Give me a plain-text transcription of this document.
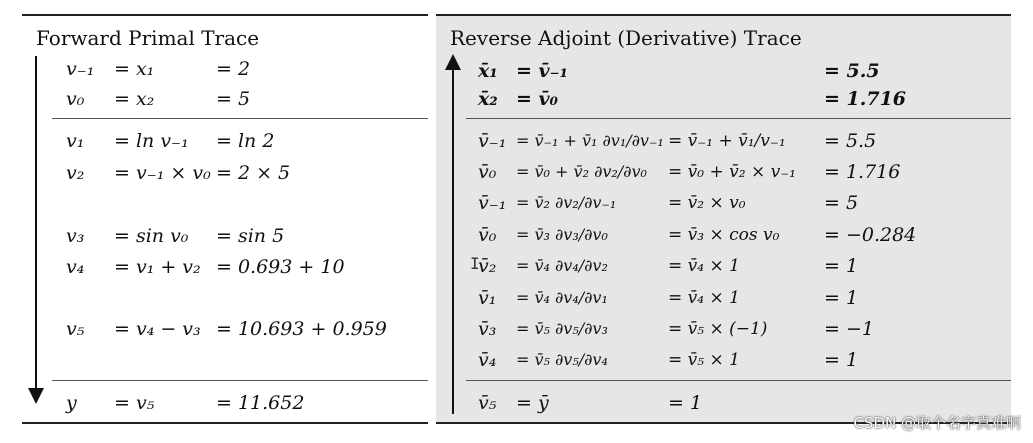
Forward Primal Trace
v₋₁ = x₁	= 2
v₀ = x₂	= 5
v₁ = ln v₋₁ = ln 2
v₂ = v₋₁ × v₀ = 2 × 5
v₃ = sin v₀ = sin 5
v₄ = v₁ + v₂ = 0.693 + 10
v₅ = v₄ − v₃ = 10.693 + 0.959
y = v₅	= 11.652
Reverse Adjoint (Derivative) Trace
x̄₁ = v̄₋₁	= 5.5
x̄₂ = v̄₀	= 1.716
v̄₋₁ = v̄₋₁ + v̄₁ ∂v₁/∂v₋₁ = v̄₋₁ + v̄₁/v₋₁ = 5.5
v̄₀ = v̄₀ + v̄₂ ∂v₂/∂v₀ = v̄₀ + v̄₂ × v₋₁ = 1.716
v̄₋₁ = v̄₂ ∂v₂/∂v₋₁	= v̄₂ × v₀	= 5
v̄₀ = v̄₃ ∂v₃/∂v₀	= v̄₃ × cos v₀ = −0.284
v̄₂ = v̄₄ ∂v₄/∂v₂	= v̄₄ × 1	= 1
v̄₁ = v̄₄ ∂v₄/∂v₁	= v̄₄ × 1	= 1
v̄₃ = v̄₅ ∂v₅/∂v₃	= v̄₅ × (−1)	= −1
v̄₄ = v̄₅ ∂v₅/∂v₄	= v̄₅ × 1	= 1
v̄₅ = ȳ	= 1
I
CSDN @取个名字真难啊
